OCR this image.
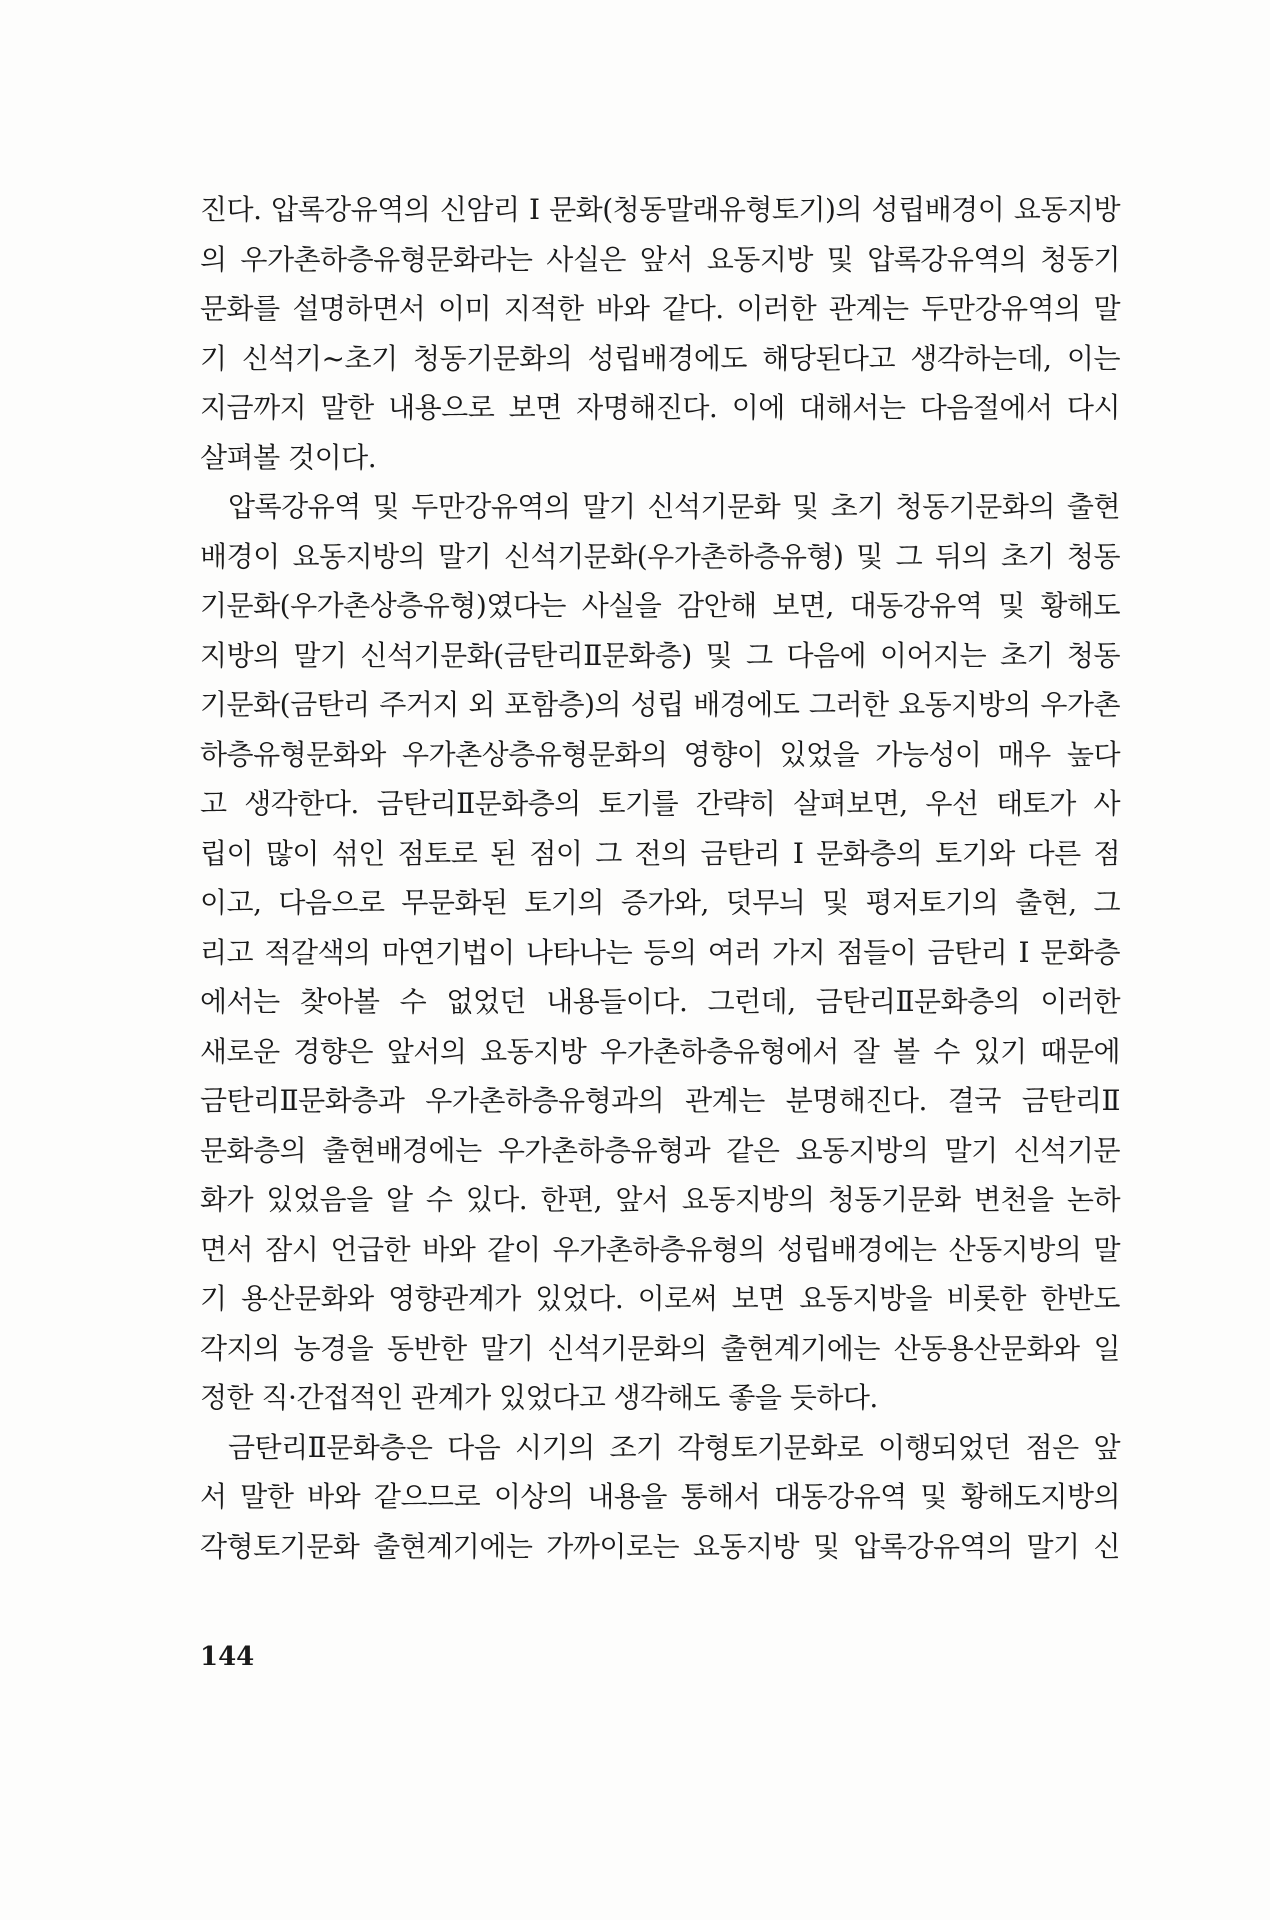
진다. 압록강유역의 신암리 I 문화(청동말래유형토기)의 성립배경이 요동지방
의 우가촌하층유형문화라는 사실은 앞서 요동지방 및 압록강유역의 청동기
문화를 설명하면서 이미 지적한 바와 같다. 이러한 관계는 두만강유역의 말
기 신석기~초기 청동기문화의 성립배경에도 해당된다고 생각하는데, 이는
지금까지 말한 내용으로 보면 자명해진다. 이에 대해서는 다음절에서 다시
살펴볼 것이다.
압록강유역 및 두만강유역의 말기 신석기문화 및 초기 청동기문화의 출현
배경이 요동지방의 말기 신석기문화(우가촌하층유형) 및 그 뒤의 초기 청동
기문화(우가촌상층유형)였다는 사실을 감안해 보면, 대동강유역 및 황해도
지방의 말기 신석기문화(금탄리Ⅱ문화층) 및 그 다음에 이어지는 초기 청동
기문화(금탄리 주거지 외 포함층)의 성립 배경에도 그러한 요동지방의 우가촌
하층유형문화와 우가촌상층유형문화의 영향이 있었을 가능성이 매우 높다
고 생각한다. 금탄리Ⅱ문화층의 토기를 간략히 살펴보면, 우선 태토가 사
립이 많이 섞인 점토로 된 점이 그 전의 금탄리 I 문화층의 토기와 다른 점
이고, 다음으로 무문화된 토기의 증가와, 덧무늬 및 평저토기의 출현, 그
리고 적갈색의 마연기법이 나타나는 등의 여러 가지 점들이 금탄리 I 문화층
에서는 찾아볼 수 없었던 내용들이다. 그런데, 금탄리Ⅱ문화층의 이러한
새로운 경향은 앞서의 요동지방 우가촌하층유형에서 잘 볼 수 있기 때문에
금탄리Ⅱ문화층과 우가촌하층유형과의 관계는 분명해진다. 결국 금탄리Ⅱ
문화층의 출현배경에는 우가촌하층유형과 같은 요동지방의 말기 신석기문
화가 있었음을 알 수 있다. 한편, 앞서 요동지방의 청동기문화 변천을 논하
면서 잠시 언급한 바와 같이 우가촌하층유형의 성립배경에는 산동지방의 말
기 용산문화와 영향관계가 있었다. 이로써 보면 요동지방을 비롯한 한반도
각지의 농경을 동반한 말기 신석기문화의 출현계기에는 산동용산문화와 일
정한 직·간접적인 관계가 있었다고 생각해도 좋을 듯하다.
금탄리Ⅱ문화층은 다음 시기의 조기 각형토기문화로 이행되었던 점은 앞
서 말한 바와 같으므로 이상의 내용을 통해서 대동강유역 및 황해도지방의
각형토기문화 출현계기에는 가까이로는 요동지방 및 압록강유역의 말기 신
144
